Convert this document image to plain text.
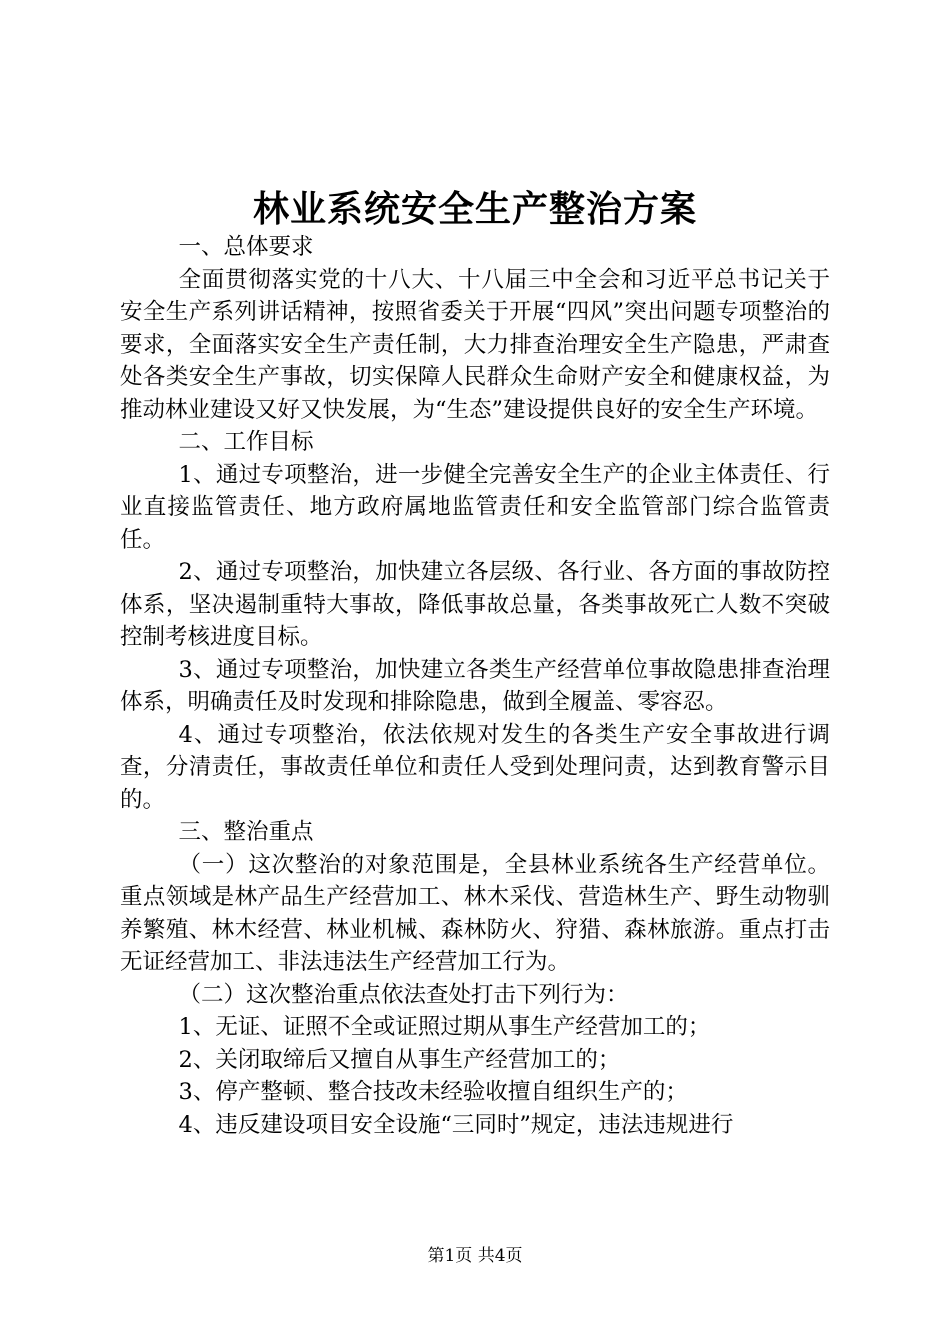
林业系统安全生产整治方案

一、总体要求

全面贯彻落实党的十八大、十八届三中全会和习近平总书记关于安全生产系列讲话精神，按照省委关于开展“四风”突出问题专项整治的要求，全面落实安全生产责任制，大力排查治理安全生产隐患，严肃查处各类安全生产事故，切实保障人民群众生命财产安全和健康权益，为推动林业建设又好又快发展，为“生态”建设提供良好的安全生产环境。

二、工作目标

1、通过专项整治，进一步健全完善安全生产的企业主体责任、行业直接监管责任、地方政府属地监管责任和安全监管部门综合监管责任。

2、通过专项整治，加快建立各层级、各行业、各方面的事故防控体系，坚决遏制重特大事故，降低事故总量，各类事故死亡人数不突破控制考核进度目标。

3、通过专项整治，加快建立各类生产经营单位事故隐患排查治理体系，明确责任及时发现和排除隐患，做到全履盖、零容忍。

4、通过专项整治，依法依规对发生的各类生产安全事故进行调查，分清责任，事故责任单位和责任人受到处理问责，达到教育警示目的。

三、整治重点

（一）这次整治的对象范围是，全县林业系统各生产经营单位。重点领域是林产品生产经营加工、林木采伐、营造林生产、野生动物驯养繁殖、林木经营、林业机械、森林防火、狩猎、森林旅游。重点打击无证经营加工、非法违法生产经营加工行为。

（二）这次整治重点依法查处打击下列行为：

1、无证、证照不全或证照过期从事生产经营加工的；

2、关闭取缔后又擅自从事生产经营加工的；

3、停产整顿、整合技改未经验收擅自组织生产的；

4、违反建设项目安全设施“三同时”规定，违法违规进行

第1页 共4页
